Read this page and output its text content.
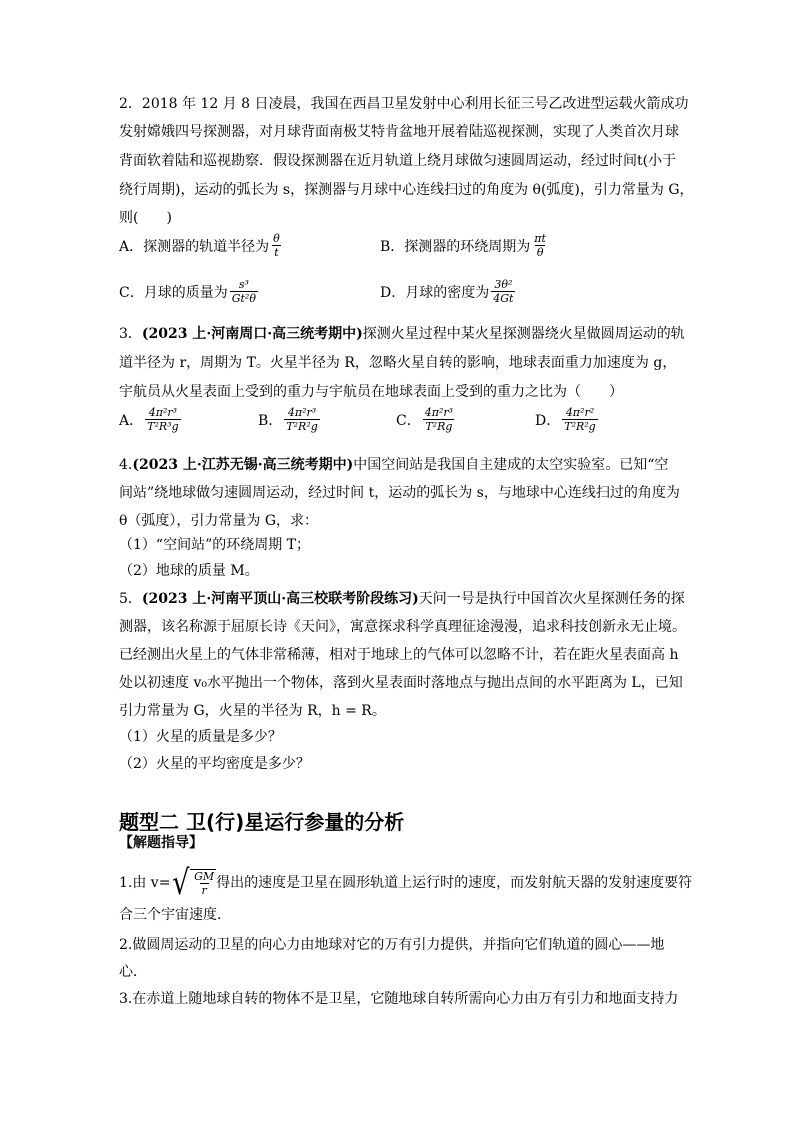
2．2018 年 12 月 8 日凌晨，我国在西昌卫星发射中心利用长征三号乙改进型运载火箭成功
发射嫦娥四号探测器，对月球背面南极艾特肯盆地开展着陆巡视探测，实现了人类首次月球
背面软着陆和巡视勘察．假设探测器在近月轨道上绕月球做匀速圆周运动，经过时间t(小于
绕行周期)，运动的弧长为 s，探测器与月球中心连线扫过的角度为 θ(弧度)，引力常量为 G，
则(　　)
A．探测器的轨道半径为 $\frac{\theta}{t}$	B．探测器的环绕周期为 $\frac{\pi t}{\theta}$
C．月球的质量为 $\frac{\text{s³}}{\text{Gt²θ}}$	D．月球的密度为 $\frac{\text{3θ²}}{4Gt}$
3．(2023 上·河南周口·高三统考期中)探测火星过程中某火星探测器绕火星做圆周运动的轨
道半径为 r，周期为 T。火星半径为 R，忽略火星自转的影响，地球表面重力加速度为 g，
宇航员从火星表面上受到的重力与宇航员在地球表面上受到的重力之比为（　　）
A． $\frac{\text{4π²r³}}{\text{T²R³g}}$	B． $\frac{\text{4π²r³}}{\text{T²R²g}}$	C． $\frac{\text{4π²r³}}{\text{T²Rg}}$	D． $\frac{\text{4π²r²}}{\text{T²R²g}}$
4.(2023 上·江苏无锡·高三统考期中)中国空间站是我国自主建成的太空实验室。已知“空
间站”绕地球做匀速圆周运动，经过时间 t，运动的弧长为 s，与地球中心连线扫过的角度为
θ（弧度），引力常量为 G，求：
（1）“空间站”的环绕周期 T；
（2）地球的质量 M。
5．(2023 上·河南平顶山·高三校联考阶段练习)天问一号是执行中国首次火星探测任务的探
测器，该名称源于屈原长诗《天问》，寓意探求科学真理征途漫漫，追求科技创新永无止境。
已经测出火星上的气体非常稀薄，相对于地球上的气体可以忽略不计，若在距火星表面高 h
处以初速度 v₀水平抛出一个物体，落到火星表面时落地点与抛出点间的水平距离为 L，已知
引力常量为 G，火星的半径为 R，h = R。
（1）火星的质量是多少？
（2）火星的平均密度是多少？
题型二 卫(行)星运行参量的分析
【解题指导】
1.由 v= √ $\frac{GM}{r}$ 得出的速度是卫星在圆形轨道上运行时的速度，而发射航天器的发射速度要符
合三个宇宙速度．
2.做圆周运动的卫星的向心力由地球对它的万有引力提供，并指向它们轨道的圆心——地
心．
3.在赤道上随地球自转的物体不是卫星，它随地球自转所需向心力由万有引力和地面支持力
